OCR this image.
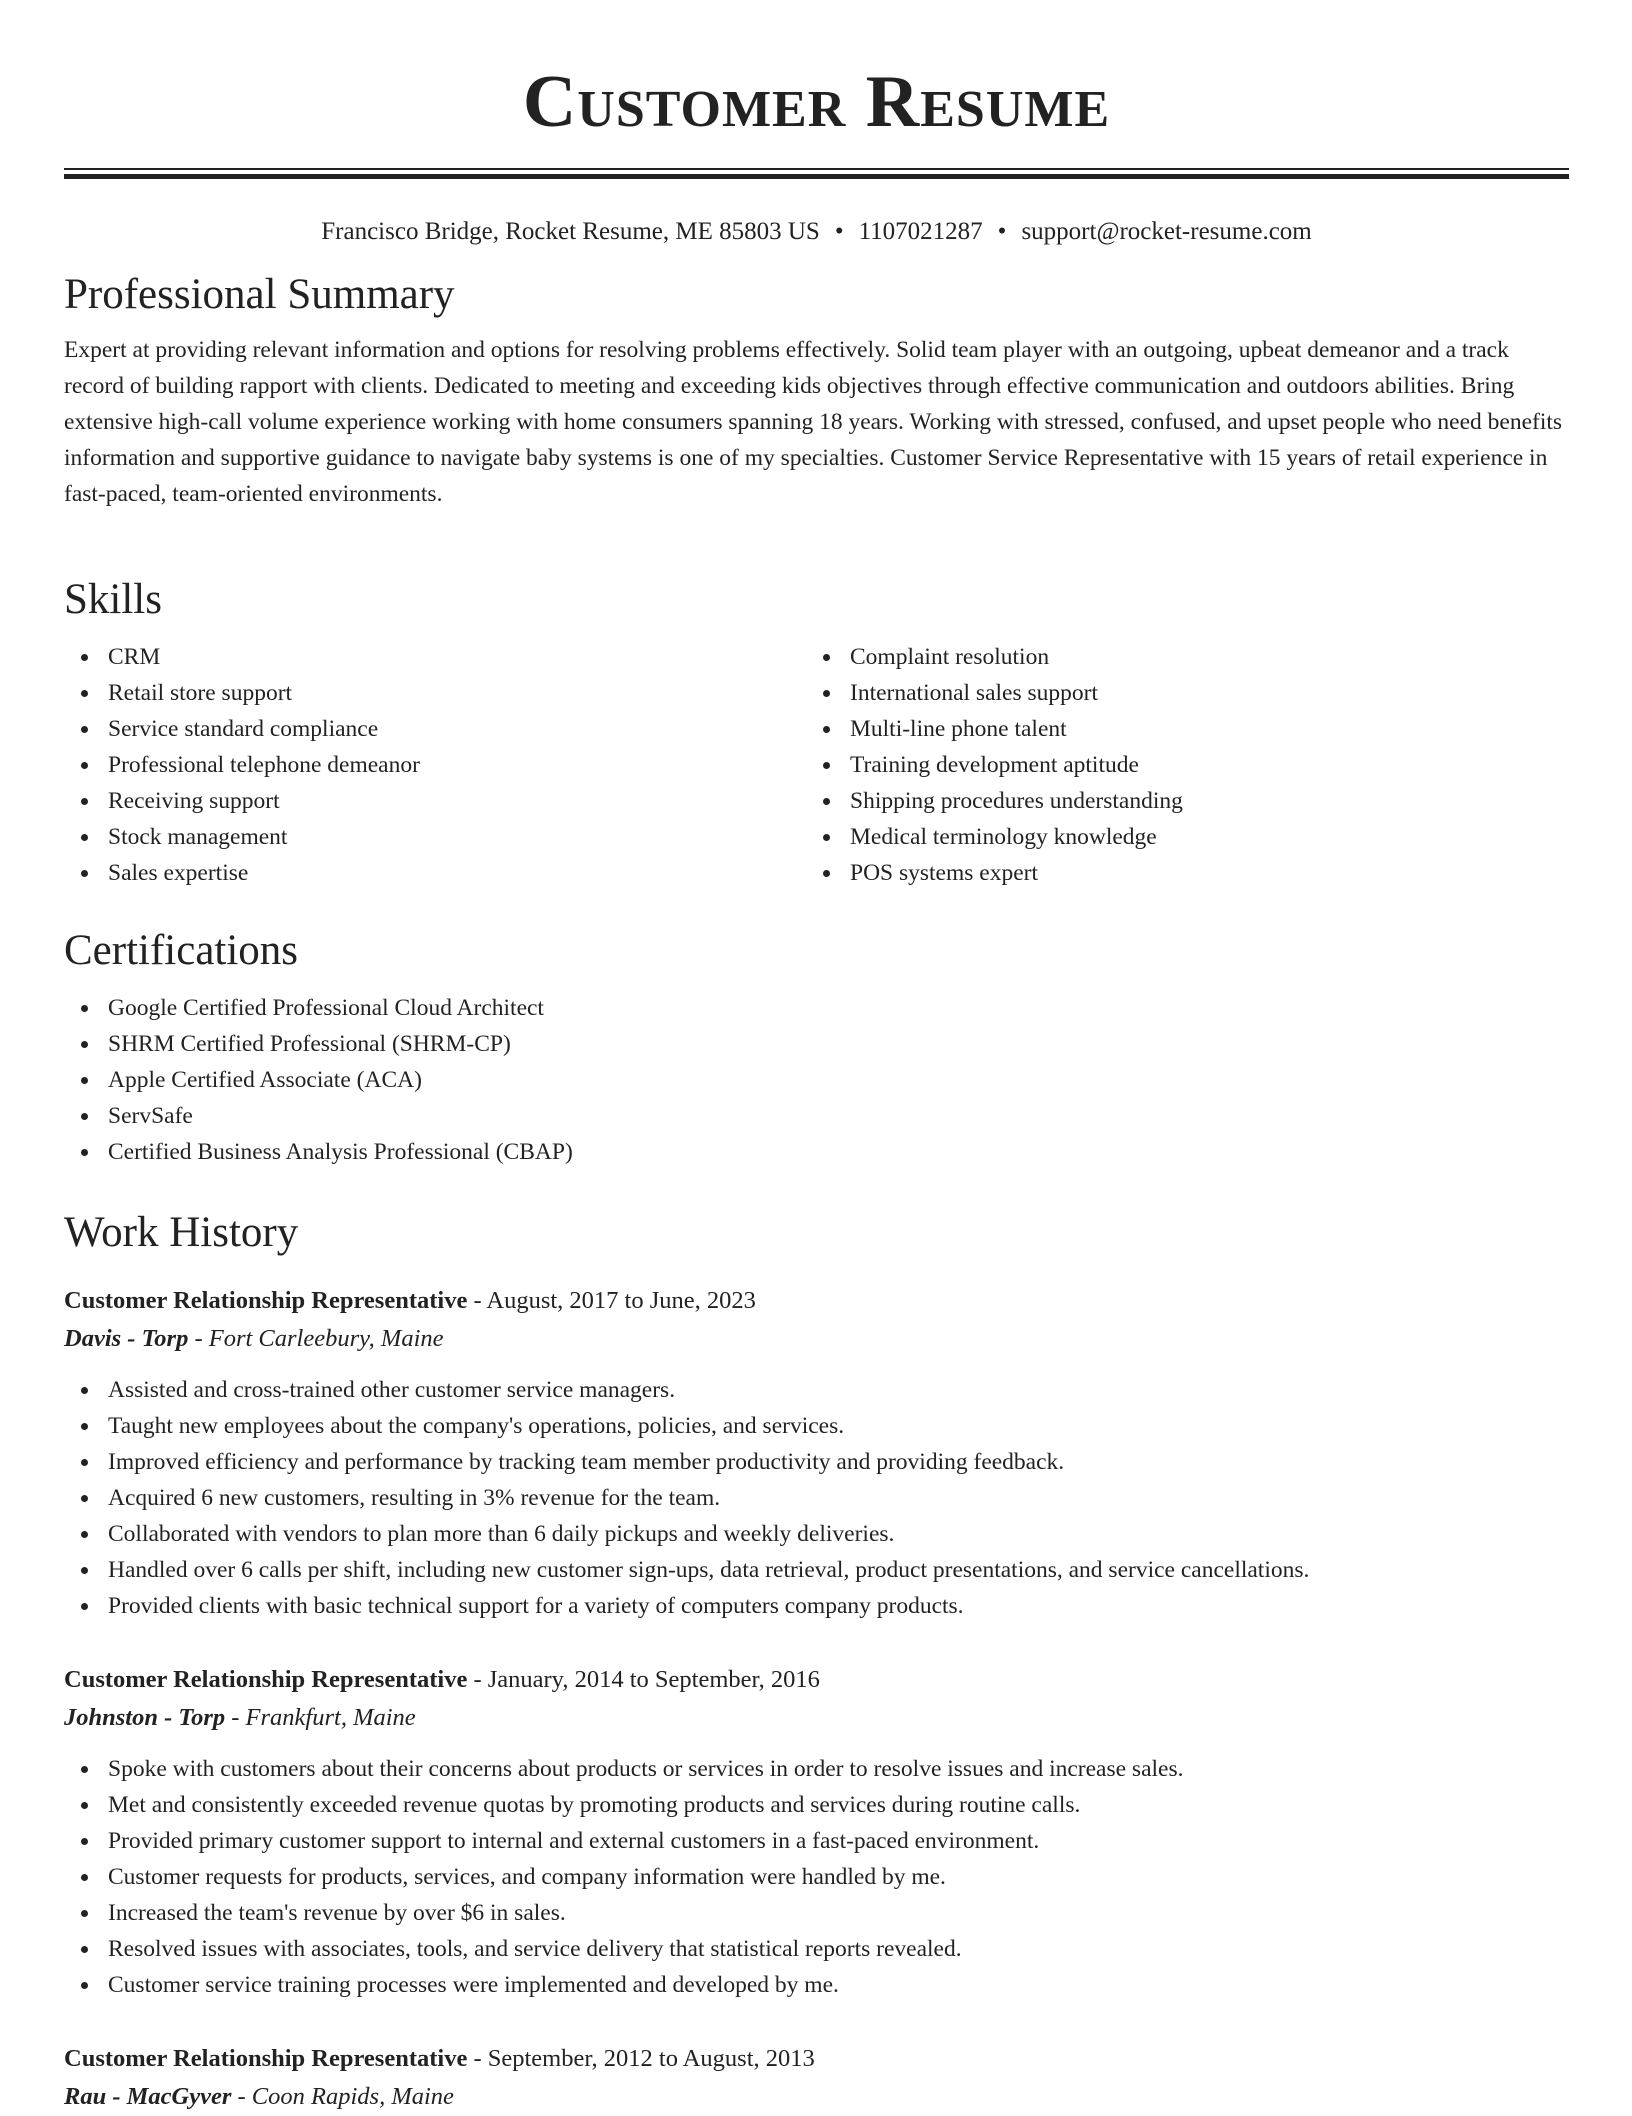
Customer Resume
Francisco Bridge, Rocket Resume, ME 85803 US • 1107021287 • support@rocket-resume.com
Professional Summary

Expert at providing relevant information and options for resolving problems effectively. Solid team player with an outgoing, upbeat demeanor and a track record of building rapport with clients. Dedicated to meeting and exceeding kids objectives through effective communication and outdoors abilities. Bring extensive high-call volume experience working with home consumers spanning 18 years. Working with stressed, confused, and upset people who need benefits information and supportive guidance to navigate baby systems is one of my specialties. Customer Service Representative with 15 years of retail experience in fast-paced, team-oriented environments.

Skills
CRM
Retail store support
Service standard compliance
Professional telephone demeanor
Receiving support
Stock management
Sales expertise
Complaint resolution
International sales support
Multi-line phone talent
Training development aptitude
Shipping procedures understanding
Medical terminology knowledge
POS systems expert
Certifications
Google Certified Professional Cloud Architect
SHRM Certified Professional (SHRM-CP)
Apple Certified Associate (ACA)
ServSafe
Certified Business Analysis Professional (CBAP)
Work History
Customer Relationship Representative - August, 2017 to June, 2023
Davis - Torp - Fort Carleebury, Maine
Assisted and cross-trained other customer service managers.
Taught new employees about the company's operations, policies, and services.
Improved efficiency and performance by tracking team member productivity and providing feedback.
Acquired 6 new customers, resulting in 3% revenue for the team.
Collaborated with vendors to plan more than 6 daily pickups and weekly deliveries.
Handled over 6 calls per shift, including new customer sign-ups, data retrieval, product presentations, and service cancellations.
Provided clients with basic technical support for a variety of computers company products.
Customer Relationship Representative - January, 2014 to September, 2016
Johnston - Torp - Frankfurt, Maine
Spoke with customers about their concerns about products or services in order to resolve issues and increase sales.
Met and consistently exceeded revenue quotas by promoting products and services during routine calls.
Provided primary customer support to internal and external customers in a fast-paced environment.
Customer requests for products, services, and company information were handled by me.
Increased the team's revenue by over $6 in sales.
Resolved issues with associates, tools, and service delivery that statistical reports revealed.
Customer service training processes were implemented and developed by me.
Customer Relationship Representative - September, 2012 to August, 2013
Rau - MacGyver - Coon Rapids, Maine
